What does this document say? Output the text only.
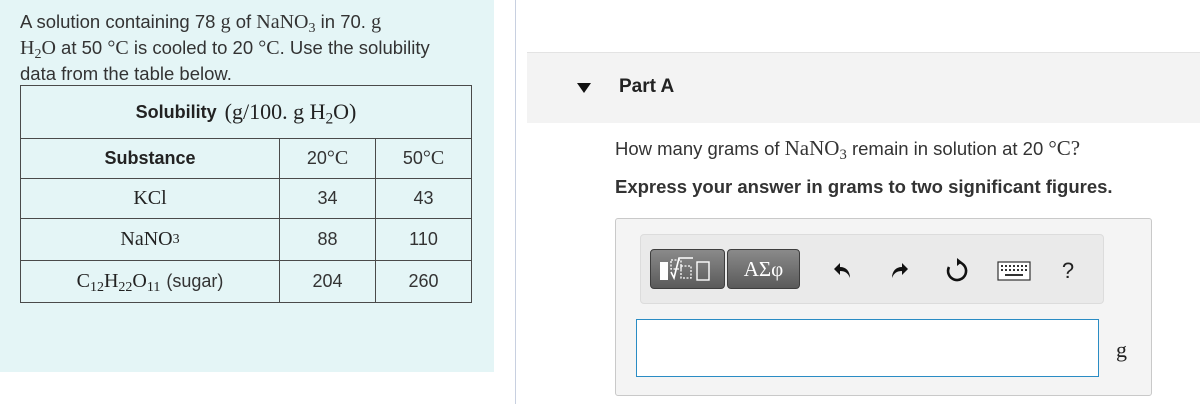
A solution containing 78 g of NaNO$_3$ in 70. g
$H_2O$ at 50 °C is cooled to 20 °C. Use the solubility data from the table below.
Solubility (g/100. g $H_2O$)
Substance	20 °C	50 °C
KCl	34	43
NaNO 3	88	110
$C_{12}H_{22}O_{11}$ (sugar)	204	260
Part A
How many grams of NaNO$_3$ remain in solution at 20 °C?
Express your answer in grams to two significant figures.
ΑΣφ	?
g
